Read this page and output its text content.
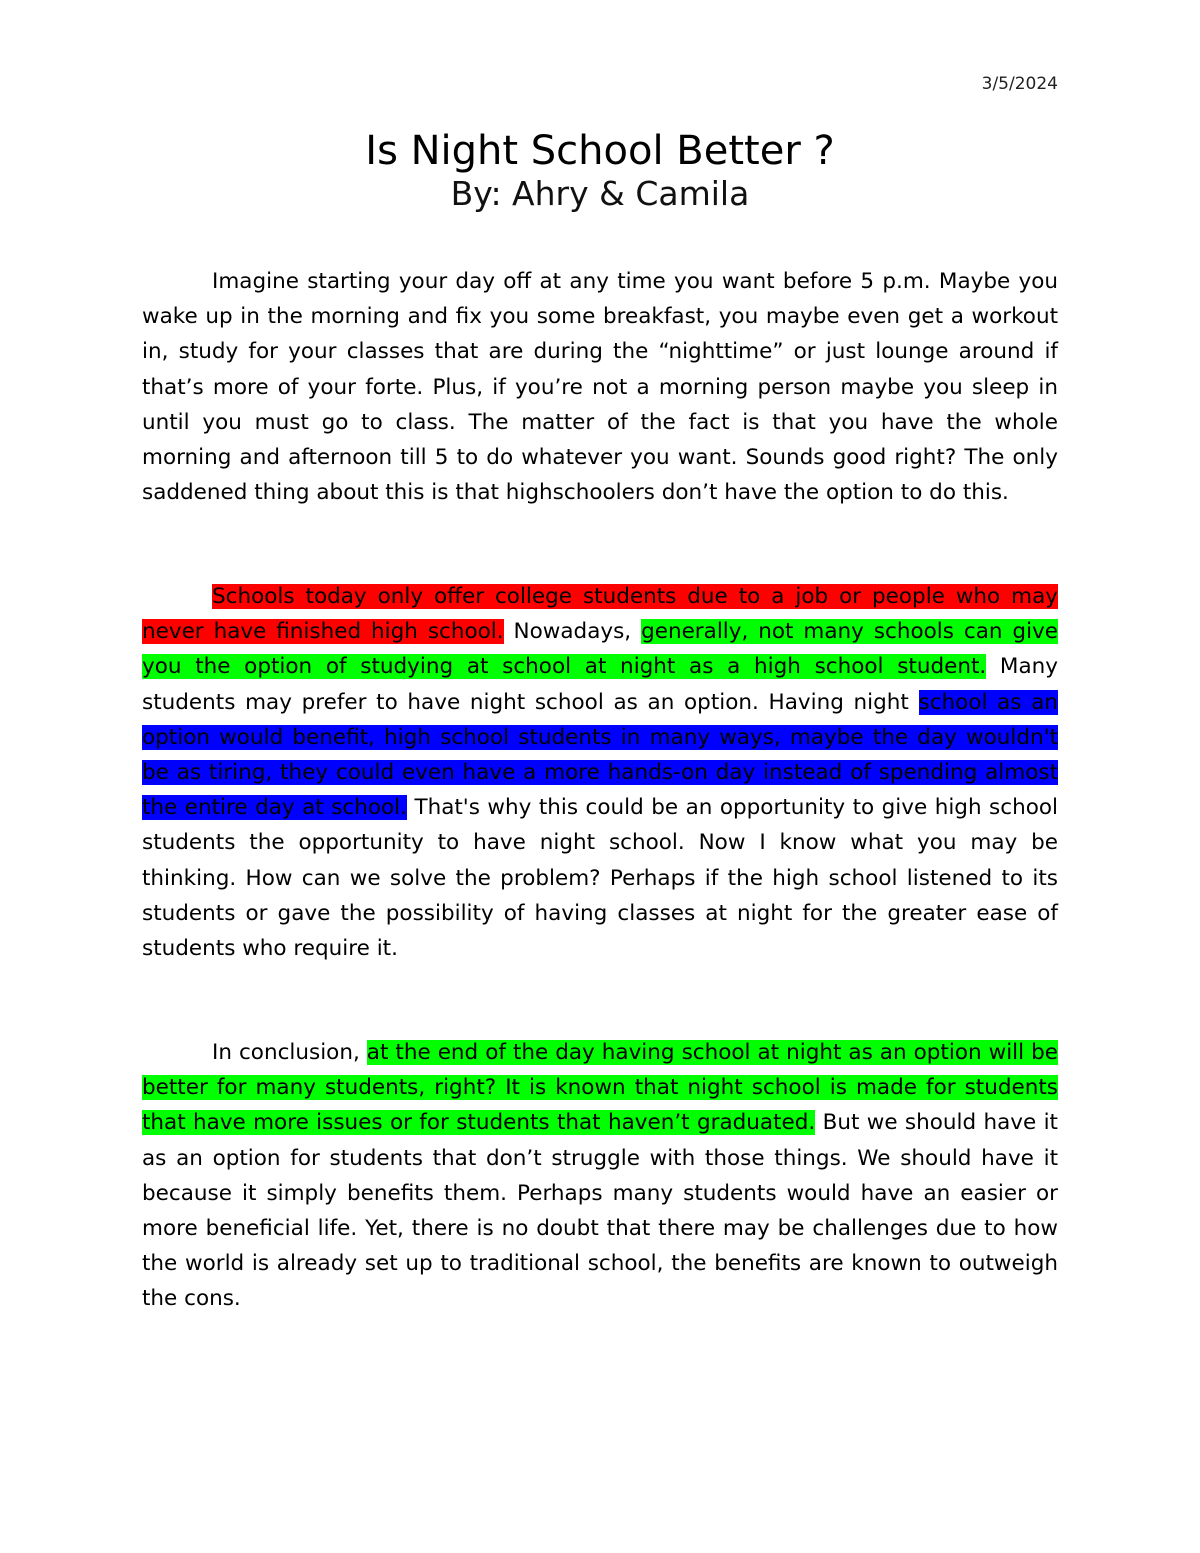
3/5/2024
Is Night School Better ?
By: Ahry & Camila

Imagine starting your day off at any time you want before 5 p.m. Maybe you wake up in the morning and fix you some breakfast, you maybe even get a workout in, study for your classes that are during the “nighttime” or just lounge around if that’s more of your forte. Plus, if you’re not a morning person maybe you sleep in until you must go to class. The matter of the fact is that you have the whole morning and afternoon till 5 to do whatever you want. Sounds good right? The only saddened thing about this is that highschoolers don’t have the option to do this.

Schools today only offer college students due to a job or people who may never have finished high school. Nowadays, generally, not many schools can give you the option of studying at school at night as a high school student. Many students may prefer to have night school as an option. Having night school as an option would benefit, high school students in many ways, maybe the day wouldn't be as tiring, they could even have a more hands-on day instead of spending almost the entire day at school. That's why this could be an opportunity to give high school students the opportunity to have night school. Now I know what you may be thinking. How can we solve the problem? Perhaps if the high school listened to its students or gave the possibility of having classes at night for the greater ease of students who require it.

In conclusion, at the end of the day having school at night as an option will be better for many students, right? It is known that night school is made for students that have more issues or for students that haven’t graduated. But we should have it as an option for students that don’t struggle with those things. We should have it because it simply benefits them. Perhaps many students would have an easier or more beneficial life. Yet, there is no doubt that there may be challenges due to how the world is already set up to traditional school, the benefits are known to outweigh the cons.
